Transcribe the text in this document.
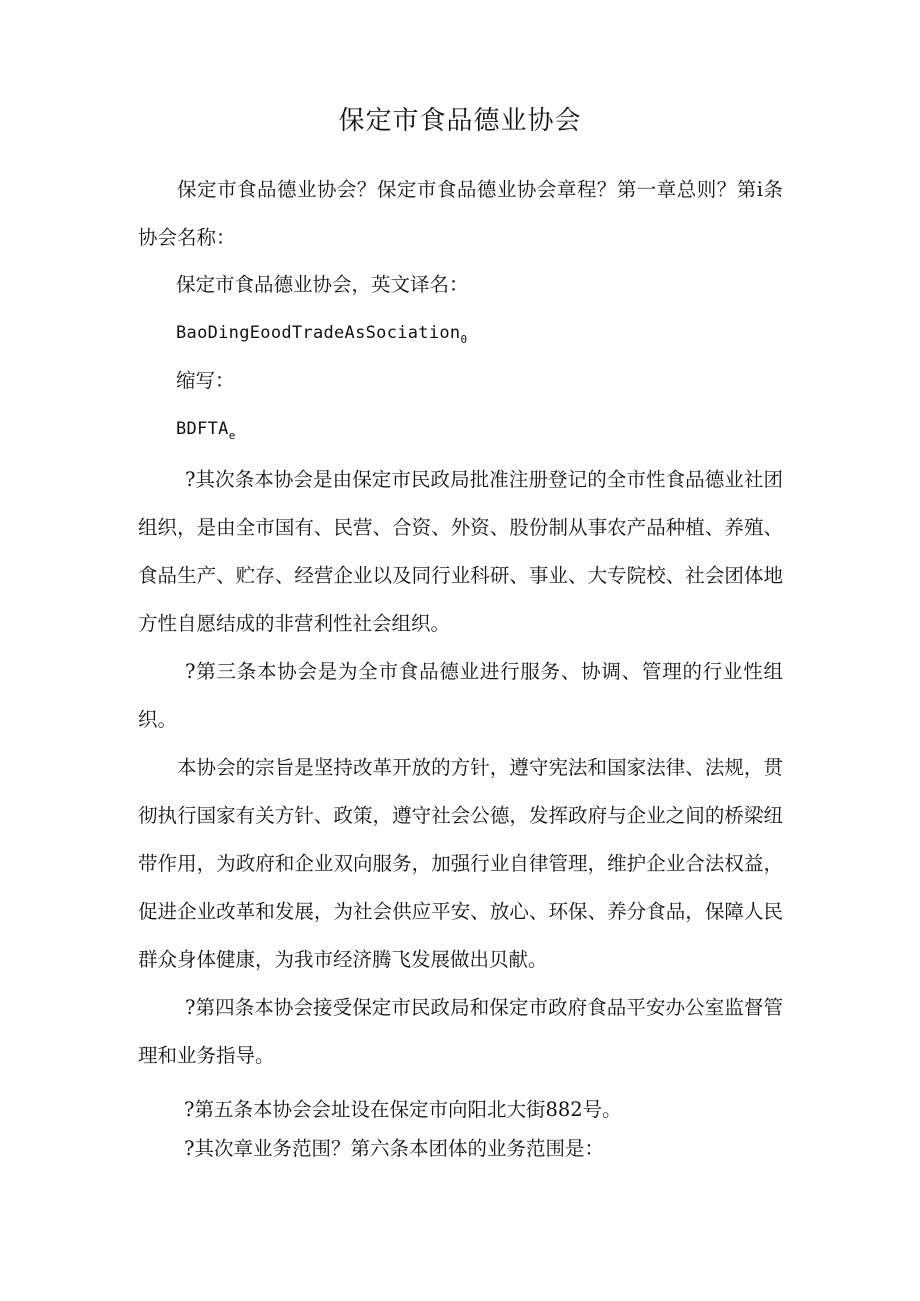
保定市食品德业协会

保定市食品德业协会？保定市食品德业协会章程？第一章总则？第i条协会名称：

保定市食品德业协会，英文译名：
BaoDingEoodTradeAsSociation$_0$
缩写：
$BDFTA_e$

?其次条本协会是由保定市民政局批准注册登记的全市性食品德业社团组织，是由全市国有、民营、合资、外资、股份制从事农产品种植、养殖、食品生产、贮存、经营企业以及同行业科研、事业、大专院校、社会团体地方性自愿结成的非营利性社会组织。

?第三条本协会是为全市食品德业进行服务、协调、管理的行业性组织。

本协会的宗旨是坚持改革开放的方针，遵守宪法和国家法律、法规，贯彻执行国家有关方针、政策，遵守社会公德，发挥政府与企业之间的桥梁纽带作用，为政府和企业双向服务，加强行业自律管理，维护企业合法权益，促进企业改革和发展，为社会供应平安、放心、环保、养分食品，保障人民群众身体健康，为我市经济腾飞发展做出贝献。

?第四条本协会接受保定市民政局和保定市政府食品平安办公室监督管理和业务指导。

?第五条本协会会址设在保定市向阳北大街882号。
?其次章业务范围？第六条本团体的业务范围是：
